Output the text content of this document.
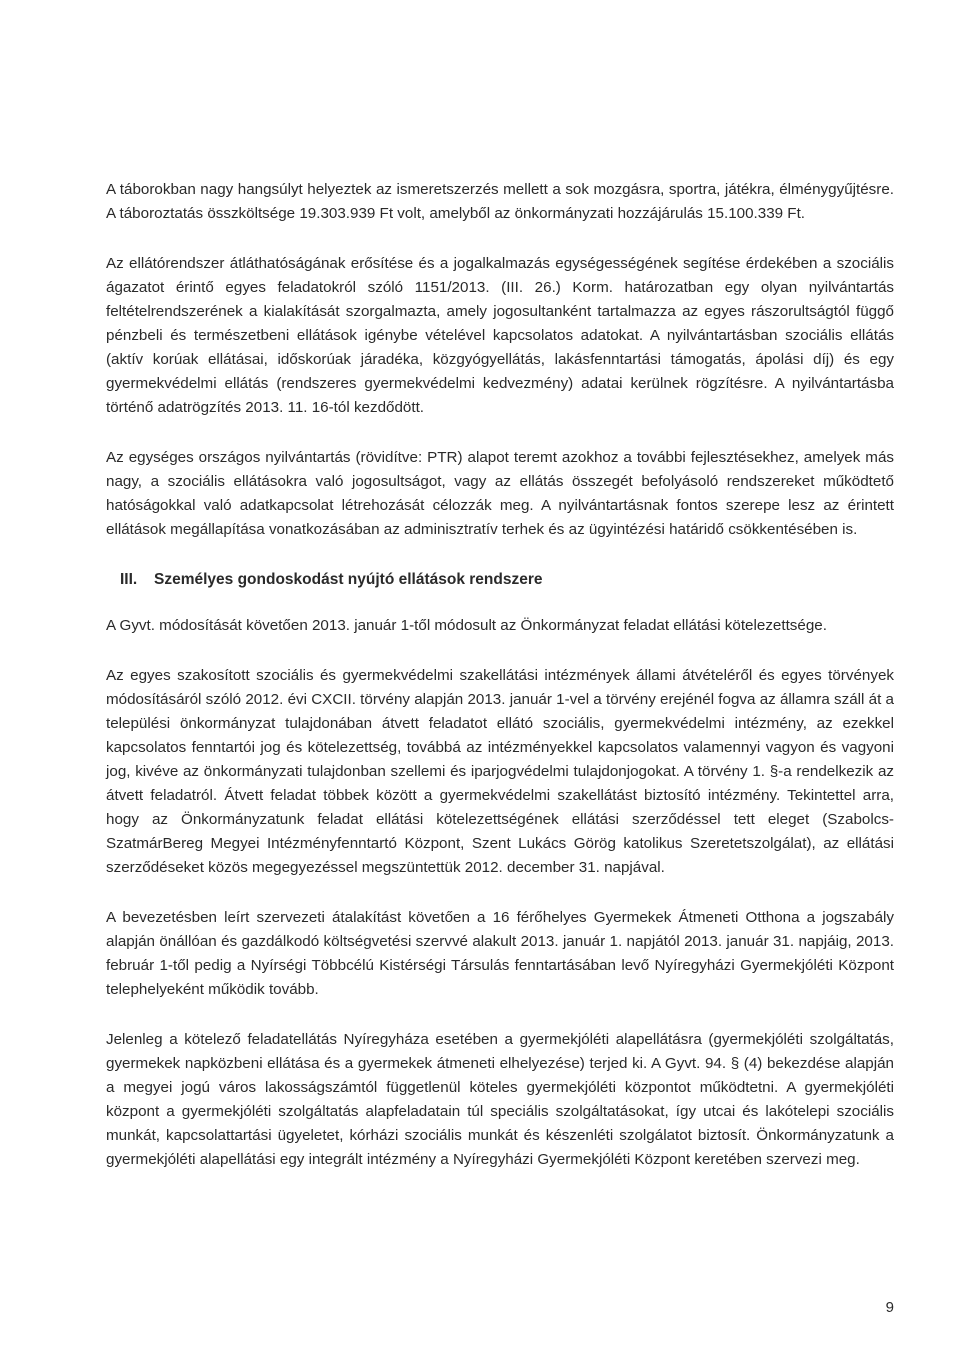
A táborokban nagy hangsúlyt helyeztek az ismeretszerzés mellett a sok mozgásra, sportra, játékra, élménygyűjtésre. A táboroztatás összköltsége 19.303.939 Ft volt, amelyből az önkormányzati hozzájárulás 15.100.339 Ft.

Az ellátórendszer átláthatóságának erősítése és a jogalkalmazás egységességének segítése érdekében a szociális ágazatot érintő egyes feladatokról szóló 1151/2013. (III. 26.) Korm. határozatban egy olyan nyilvántartás feltételrendszerének a kialakítását szorgalmazta, amely jogosultanként tartalmazza az egyes rászorultságtól függő pénzbeli és természetbeni ellátások igénybe vételével kapcsolatos adatokat. A nyilvántartásban szociális ellátás (aktív korúak ellátásai, időskorúak járadéka, közgyógyellátás, lakásfenntartási támogatás, ápolási díj) és egy gyermekvédelmi ellátás (rendszeres gyermekvédelmi kedvezmény) adatai kerülnek rögzítésre. A nyilvántartásba történő adatrögzítés 2013. 11. 16-tól kezdődött.

Az egységes országos nyilvántartás (rövidítve: PTR) alapot teremt azokhoz a további fejlesztésekhez, amelyek más nagy, a szociális ellátásokra való jogosultságot, vagy az ellátás összegét befolyásoló rendszereket működtető hatóságokkal való adatkapcsolat létrehozását célozzák meg. A nyilvántartásnak fontos szerepe lesz az érintett ellátások megállapítása vonatkozásában az adminisztratív terhek és az ügyintézési határidő csökkentésében is.

III.	Személyes gondoskodást nyújtó ellátások rendszere

A Gyvt. módosítását követően 2013. január 1-től módosult az Önkormányzat feladat ellátási kötelezettsége.

Az egyes szakosított szociális és gyermekvédelmi szakellátási intézmények állami átvételéről és egyes törvények módosításáról szóló 2012. évi CXCII. törvény alapján 2013. január 1-vel a törvény erejénél fogva az államra száll át a települési önkormányzat tulajdonában átvett feladatot ellátó szociális, gyermekvédelmi intézmény, az ezekkel kapcsolatos fenntartói jog és kötelezettség, továbbá az intézményekkel kapcsolatos valamennyi vagyon és vagyoni jog, kivéve az önkormányzati tulajdonban szellemi és iparjogvédelmi tulajdonjogokat. A törvény 1. §-a rendelkezik az átvett feladatról. Átvett feladat többek között a gyermekvédelmi szakellátást biztosító intézmény. Tekintettel arra, hogy az Önkormányzatunk feladat ellátási kötelezettségének ellátási szerződéssel tett eleget (Szabolcs-SzatmárBereg Megyei Intézményfenntartó Központ, Szent Lukács Görög katolikus Szeretetszolgálat), az ellátási szerződéseket közös megegyezéssel megszüntettük 2012. december 31. napjával.

A bevezetésben leírt szervezeti átalakítást követően a 16 férőhelyes Gyermekek Átmeneti Otthona a jogszabály alapján önállóan és gazdálkodó költségvetési szervvé alakult 2013. január 1. napjától 2013. január 31. napjáig, 2013. február 1-től pedig a Nyírségi Többcélú Kistérségi Társulás fenntartásában levő Nyíregyházi Gyermekjóléti Központ telephelyeként működik tovább.

Jelenleg a kötelező feladatellátás Nyíregyháza esetében a gyermekjóléti alapellátásra (gyermekjóléti szolgáltatás, gyermekek napközbeni ellátása és a gyermekek átmeneti elhelyezése) terjed ki. A Gyvt. 94. § (4) bekezdése alapján a megyei jogú város lakosságszámtól függetlenül köteles gyermekjóléti központot működtetni. A gyermekjóléti központ a gyermekjóléti szolgáltatás alapfeladatain túl speciális szolgáltatásokat, így utcai és lakótelepi szociális munkát, kapcsolattartási ügyeletet, kórházi szociális munkát és készenléti szolgálatot biztosít. Önkormányzatunk a gyermekjóléti alapellátási egy integrált intézmény a Nyíregyházi Gyermekjóléti Központ keretében szervezi meg.

9
